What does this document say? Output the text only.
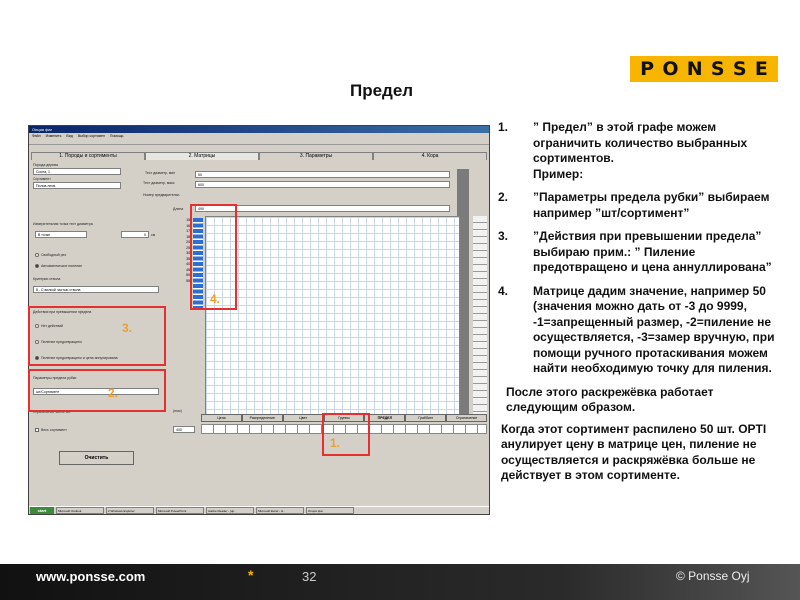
P O N S S E
Предел
Опция фаг
Файл Изменить Вид Выбор сортимен Помощь
1. Породы и сортименты	2. Матрицы	3. Параметры	4. Кора
Порода дерева
Сосна, 1
Сортимент
Пилов.лесв.
Измерительная точка тест диаметра
В точке	0	см
Свободный рез
Автоматическое пиление
Критерии ствола
8 - С вилкой частью ствола
Действия при превышении предела
Нет действий
Пиление предотвращено
Пиление предотвращено и цена аннулирована
Параметры предела рубки
шт/Сортимент
Ограничение числе шт.
Весь сортимент
Очистить
Тест диаметр, мин	50
Тест диаметр, макс	600
Номер предварительн.
Длина	490
150
160
170
180
200
250
300
350
400
450
500
550
(max)
400
Цена	Распределение	Цвет	Группы	ПРЕДЕЛ	Граббинг	Ограничение
start	Microsoft Outlook	2 Windows Explorer	Microsoft PowerPoint	Adobe Reader - [up..	Microsoft Excel - H..	Опция фаг
1.
2.
3.
4.
1.	” Предел” в этой графе можем ограничить количество выбранных сортиментов.
Пример:
2.	”Параметры предела рубки” выбираем например ”шт/сортимент”
3.	”Действия при превышении предела” выбираю прим.: ” Пиление предотвращено и цена аннуллирована”
4.	Матрице дадим значение, например 50 (значения можно дать от -3 до 9999, -1=запрещенный размер, -2=пиление не осуществляется, -3=замер вручную, при помощи ручного протаскивания можем найти необходимую точку для пиления.
После этого раскрежёвка работает следующим образом.
Когда этот сортимент распилено 50 шт. OPTI анулирует цену в матрице цен, пиление не осуществляется и раскряжёвка больше не действует в этом сортименте.
www.ponsse.com	*	32	© Ponsse Oyj
